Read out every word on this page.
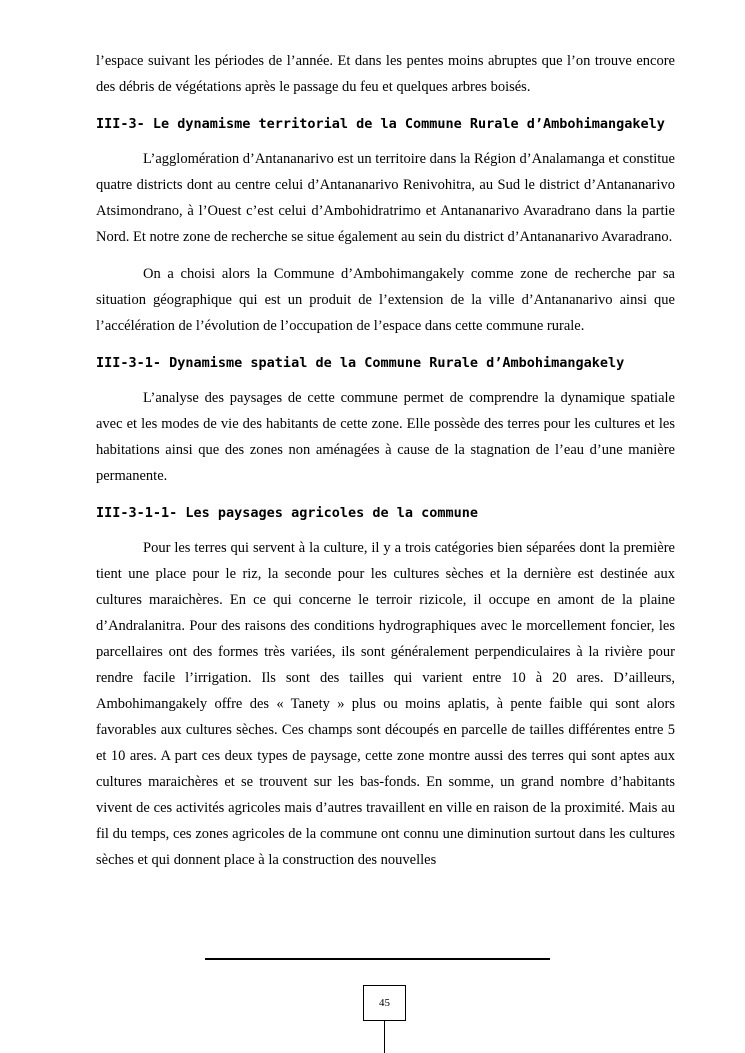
l’espace suivant les périodes de l’année. Et dans les pentes moins abruptes que l’on trouve encore des débris de végétations après le passage du feu et quelques arbres boisés.

III-3- Le dynamisme territorial de la Commune Rurale d’Ambohimangakely

L’agglomération d’Antananarivo est un territoire dans la Région d’Analamanga et constitue quatre districts dont au centre celui d’Antananarivo Renivohitra, au Sud le district d’Antananarivo Atsimondrano, à l’Ouest c’est celui d’Ambohidratrimo et Antananarivo Avaradrano dans la partie Nord. Et notre zone de recherche se situe également au sein du district d’Antananarivo Avaradrano.

On a choisi alors la Commune d’Ambohimangakely comme zone de recherche par sa situation géographique qui est un produit de l’extension de la ville d’Antananarivo ainsi que l’accélération de l’évolution de l’occupation de l’espace dans cette commune rurale.

III-3-1- Dynamisme spatial de la Commune Rurale d’Ambohimangakely

L’analyse des paysages de cette commune permet de comprendre la dynamique spatiale avec et les modes de vie des habitants de cette zone. Elle possède des terres pour les cultures et les habitations ainsi que des zones non aménagées à cause de la stagnation de l’eau d’une manière permanente.

III-3-1-1- Les paysages agricoles de la commune

Pour les terres qui servent à la culture, il y a trois catégories bien séparées dont la première tient une place pour le riz, la seconde pour les cultures sèches et la dernière est destinée aux cultures maraichères. En ce qui concerne le terroir rizicole, il occupe en amont de la plaine d’Andralanitra. Pour des raisons des conditions hydrographiques avec le morcellement foncier, les parcellaires ont des formes très variées, ils sont généralement perpendiculaires à la rivière pour rendre facile l’irrigation. Ils sont des tailles qui varient entre 10 à 20 ares. D’ailleurs, Ambohimangakely offre des « Tanety » plus ou moins aplatis, à pente faible qui sont alors favorables aux cultures sèches. Ces champs sont découpés en parcelle de tailles différentes entre 5 et 10 ares. A part ces deux types de paysage, cette zone montre aussi des terres qui sont aptes aux cultures maraichères et se trouvent sur les bas-fonds. En somme, un grand nombre d’habitants vivent de ces activités agricoles mais d’autres travaillent en ville en raison de la proximité. Mais au fil du temps, ces zones agricoles de la commune ont connu une diminution surtout dans les cultures sèches et qui donnent place à la construction des nouvelles

45
